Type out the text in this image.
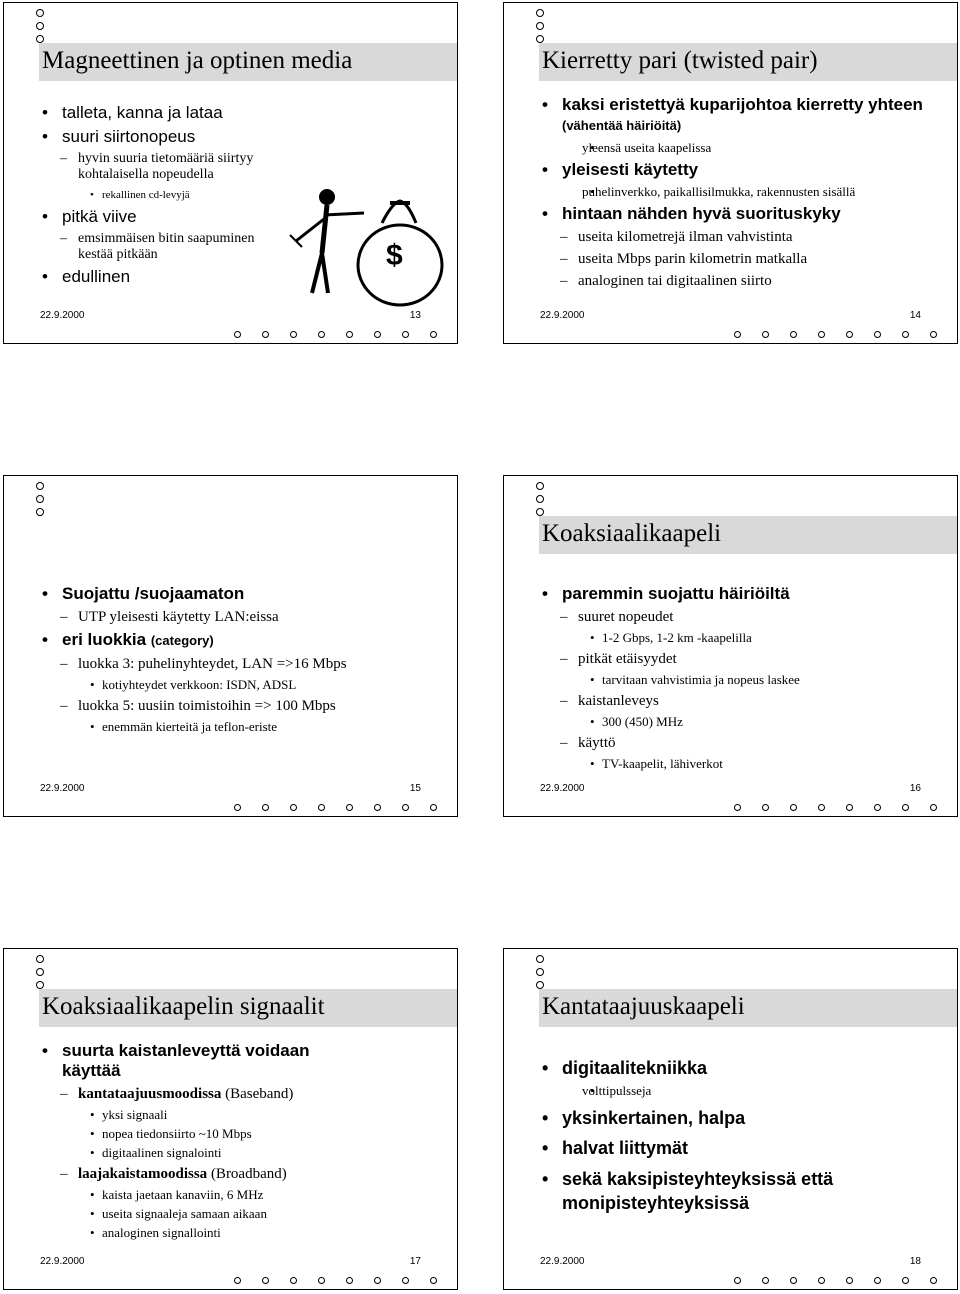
Magneettinen ja optinen media
• talleta, kanna ja lataa
• suuri siirtonopeus
– hyvin suuria tietomääriä siirtyy kohtalaisella nopeudella
• rekallinen cd-levyjä
• pitkä viive
– emsimmäisen bitin saapuminen kestää pitkään
• edullinen
$
22.9.2000	13
Kierretty pari (twisted pair)
• kaksi eristettyä kuparijohtoa kierretty yhteen (vähentää häiriöitä)
• yleensä useita kaapelissa
• yleisesti käytetty
• puhelinverkko, paikallisilmukka, rakennusten sisällä
• hintaan nähden hyvä suorituskyky
– useita kilometrejä ilman vahvistinta
– useita Mbps parin kilometrin matkalla
– analoginen tai digitaalinen siirto
22.9.2000	14
• Suojattu /suojaamaton
– UTP yleisesti käytetty LAN:eissa
• eri luokkia (category)
– luokka 3: puhelinyhteydet, LAN =>16 Mbps
• kotiyhteydet verkkoon: ISDN, ADSL
– luokka 5: uusiin toimistoihin => 100 Mbps
• enemmän kierteitä ja teflon-eriste
22.9.2000	15
Koaksiaalikaapeli
• paremmin suojattu häiriöiltä
– suuret nopeudet
• 1-2 Gbps, 1-2 km -kaapelilla
– pitkät etäisyydet
• tarvitaan vahvistimia ja nopeus laskee
– kaistanleveys
• 300 (450) MHz
– käyttö
• TV-kaapelit, lähiverkot
22.9.2000	16
Koaksiaalikaapelin signaalit
• suurta kaistanleveyttä voidaan käyttää
– kantataajuusmoodissa (Baseband)
• yksi signaali
• nopea tiedonsiirto ~10 Mbps
• digitaalinen signalointi
– laajakaistamoodissa (Broadband)
• kaista jaetaan kanaviin, 6 MHz
• useita signaaleja samaan aikaan
• analoginen signallointi
22.9.2000	17
Kantataajuuskaapeli
• digitaalitekniikka
• volttipulsseja
• yksinkertainen, halpa
• halvat liittymät
• sekä kaksipisteyhteyksissä että monipisteyhteyksissä
22.9.2000	18
